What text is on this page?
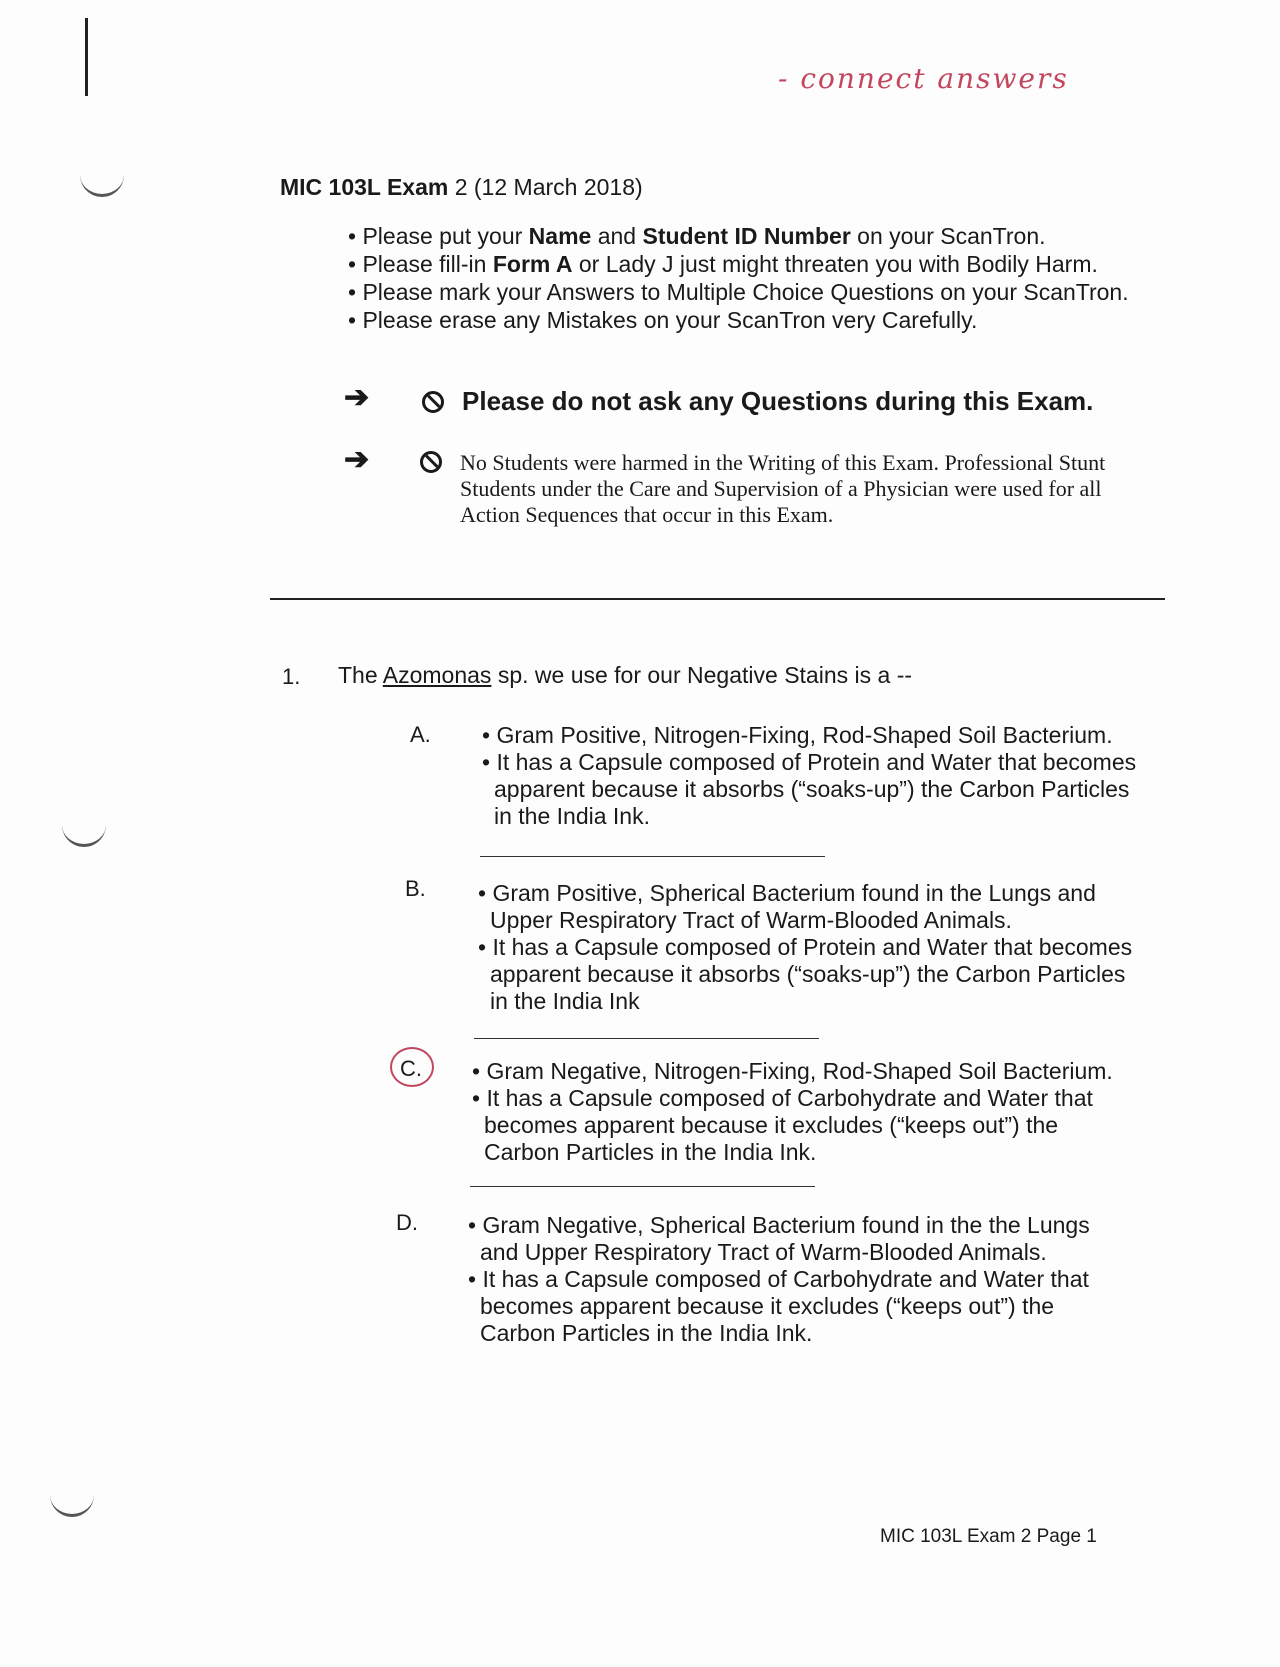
- connect answers
MIC 103L Exam 2 (12 March 2018)
• Please put your Name and Student ID Number on your ScanTron.
• Please fill-in Form A or Lady J just might threaten you with Bodily Harm.
• Please mark your Answers to Multiple Choice Questions on your ScanTron.
• Please erase any Mistakes on your ScanTron very Carefully.
➔	Please do not ask any Questions during this Exam.
➔	No Students were harmed in the Writing of this Exam. Professional Stunt
Students under the Care and Supervision of a Physician were used for all
Action Sequences that occur in this Exam.
1. The Azomonas sp. we use for our Negative Stains is a --
A. • Gram Positive, Nitrogen-Fixing, Rod-Shaped Soil Bacterium.
• It has a Capsule composed of Protein and Water that becomes
apparent because it absorbs (“soaks-up”) the Carbon Particles
in the India Ink.
B. • Gram Positive, Spherical Bacterium found in the Lungs and
Upper Respiratory Tract of Warm-Blooded Animals.
• It has a Capsule composed of Protein and Water that becomes
apparent because it absorbs (“soaks-up”) the Carbon Particles
in the India Ink
C. • Gram Negative, Nitrogen-Fixing, Rod-Shaped Soil Bacterium.
• It has a Capsule composed of Carbohydrate and Water that
becomes apparent because it excludes (“keeps out”) the
Carbon Particles in the India Ink.
D. • Gram Negative, Spherical Bacterium found in the the Lungs
and Upper Respiratory Tract of Warm-Blooded Animals.
• It has a Capsule composed of Carbohydrate and Water that
becomes apparent because it excludes (“keeps out”) the
Carbon Particles in the India Ink.
MIC 103L Exam 2 Page 1
